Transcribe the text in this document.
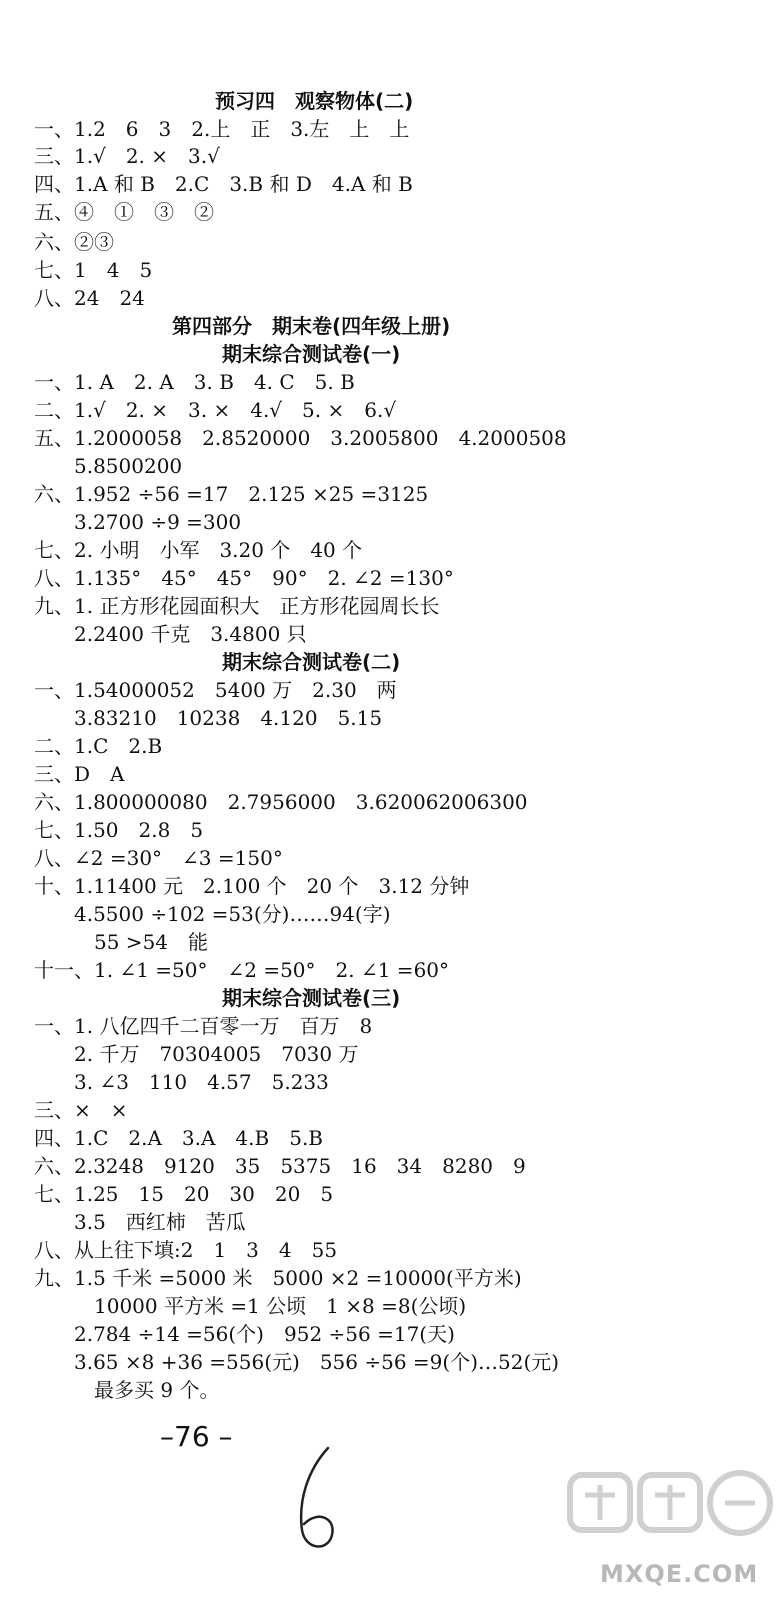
预习四　观察物体(二)
一、1.2　6　3　2.上　正　3.左　上　上
三、1.√　2. ×　3.√
四、1.A 和 B　2.C　3.B 和 D　4.A 和 B
五、④　①　③　②
六、②③
七、1　4　5
八、24　24
第四部分　期末卷(四年级上册)
期末综合测试卷(一)
一、1. A　2. A　3. B　4. C　5. B
二、1.√　2. ×　3. ×　4.√　5. ×　6.√
五、1.2000058　2.8520000　3.2005800　4.2000508
　　5.8500200
六、1.952 ÷56 =17　2.125 ×25 =3125
　　3.2700 ÷9 =300
七、2. 小明　小军　3.20 个　40 个
八、1.135°　45°　45°　90°　2. ∠2 =130°
九、1. 正方形花园面积大　正方形花园周长长
　　2.2400 千克　3.4800 只
期末综合测试卷(二)
一、1.54000052　5400 万　2.30　两
　　3.83210　10238　4.120　5.15
二、1.C　2.B
三、D　A
六、1.800000080　2.7956000　3.620062006300
七、1.50　2.8　5
八、∠2 =30°　∠3 =150°
十、1.11400 元　2.100 个　20 个　3.12 分钟
　　4.5500 ÷102 =53(分)……94(字)
　　　55 >54　能
十一、1. ∠1 =50°　∠2 =50°　2. ∠1 =60°
期末综合测试卷(三)
一、1. 八亿四千二百零一万　百万　8
　　2. 千万　70304005　7030 万
　　3. ∠3　110　4.57　5.233
三、×　×
四、1.C　2.A　3.A　4.B　5.B
六、2.3248　9120　35　5375　16　34　8280　9
七、1.25　15　20　30　20　5
　　3.5　西红柿　苦瓜
八、从上往下填:2　1　3　4　55
九、1.5 千米 =5000 米　5000 ×2 =10000(平方米)
　　　10000 平方米 =1 公顷　1 ×8 =8(公顷)
　　2.784 ÷14 =56(个)　952 ÷56 =17(天)
　　3.65 ×8 +36 =556(元)　556 ÷56 =9(个)…52(元)
　　　最多买 9 个。
–76 –
MXQE.COM
